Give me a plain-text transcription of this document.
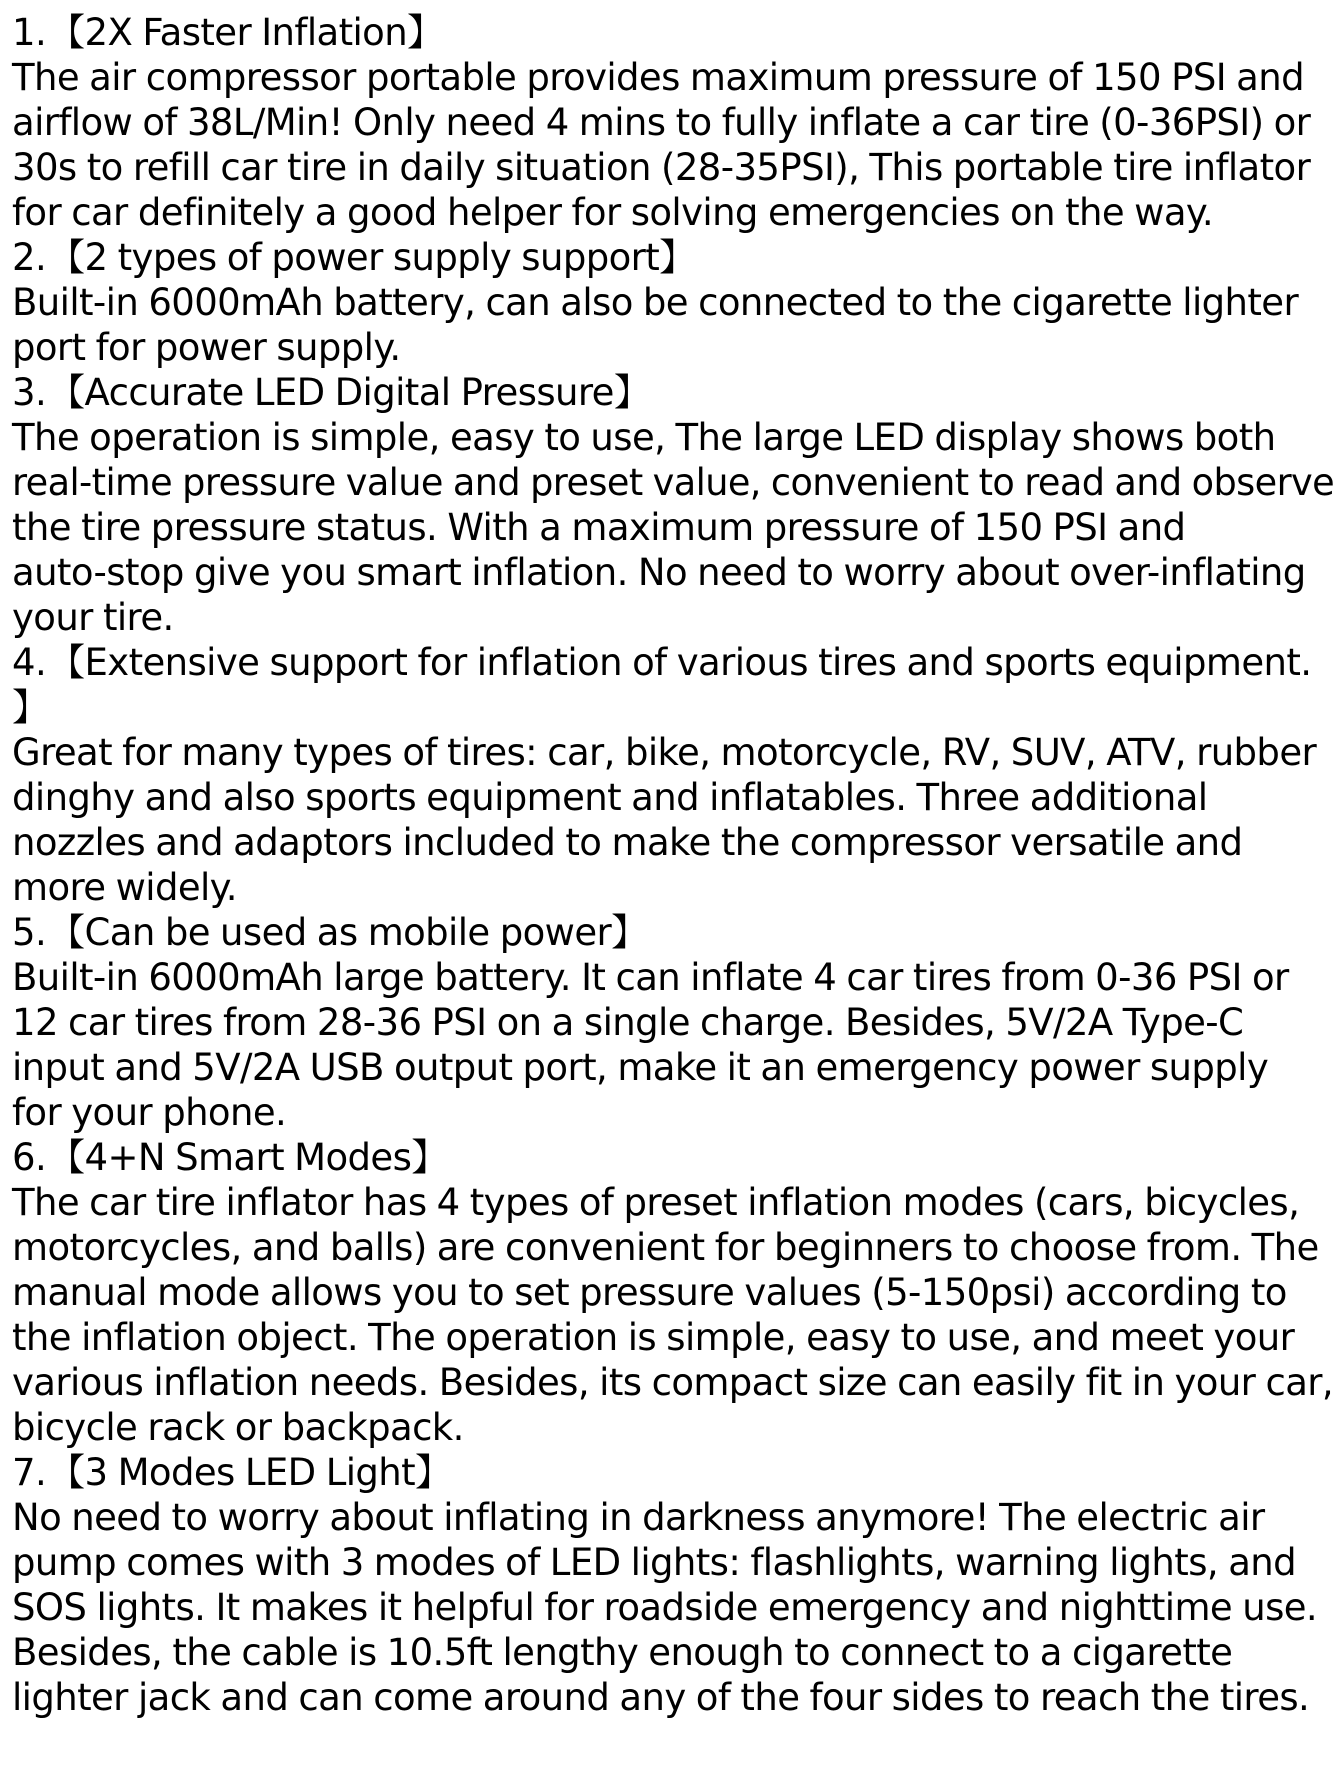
1.【2X Faster Inflation】
The air compressor portable provides maximum pressure of 150 PSI and
airflow of 38L/Min! Only need 4 mins to fully inflate a car tire (0-36PSI) or
30s to refill car tire in daily situation (28-35PSI), This portable tire inflator
for car definitely a good helper for solving emergencies on the way.
2.【2 types of power supply support】
Built-in 6000mAh battery, can also be connected to the cigarette lighter
port for power supply.
3.【Accurate LED Digital Pressure】
The operation is simple, easy to use, The large LED display shows both
real-time pressure value and preset value, convenient to read and observe
the tire pressure status. With a maximum pressure of 150 PSI and
auto-stop give you smart inflation. No need to worry about over-inflating
your tire.
4.【Extensive support for inflation of various tires and sports equipment.
】
Great for many types of tires: car, bike, motorcycle, RV, SUV, ATV, rubber
dinghy and also sports equipment and inflatables. Three additional
nozzles and adaptors included to make the compressor versatile and
more widely.
5.【Can be used as mobile power】
Built-in 6000mAh large battery. It can inflate 4 car tires from 0-36 PSI or
12 car tires from 28-36 PSI on a single charge. Besides, 5V/2A Type-C
input and 5V/2A USB output port, make it an emergency power supply
for your phone.
6.【4+N Smart Modes】
The car tire inflator has 4 types of preset inflation modes (cars, bicycles,
motorcycles, and balls) are convenient for beginners to choose from. The
manual mode allows you to set pressure values (5-150psi) according to
the inflation object. The operation is simple, easy to use, and meet your
various inflation needs. Besides, its compact size can easily fit in your car,
bicycle rack or backpack.
7.【3 Modes LED Light】
No need to worry about inflating in darkness anymore! The electric air
pump comes with 3 modes of LED lights: flashlights, warning lights, and
SOS lights. It makes it helpful for roadside emergency and nighttime use.
Besides, the cable is 10.5ft lengthy enough to connect to a cigarette
lighter jack and can come around any of the four sides to reach the tires.
